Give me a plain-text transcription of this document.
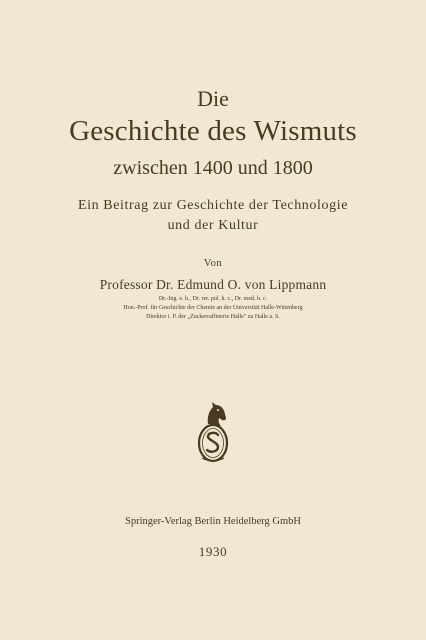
Die
Geschichte des Wismuts
zwischen 1400 und 1800
Ein Beitrag zur Geschichte der Technologie
und der Kultur
Von
Professor Dr. Edmund O. von Lippmann
Dr.-Ing. e. h., Dr. rer. pol. h. c., Dr. med. h. c.
Hon.-Prof. für Geschichte der Chemie an der Universität Halle-Wittenberg
Direktor i. P. der „Zuckerraffinerie Halle" zu Halle a. S.
Springer-Verlag Berlin Heidelberg GmbH
1930
